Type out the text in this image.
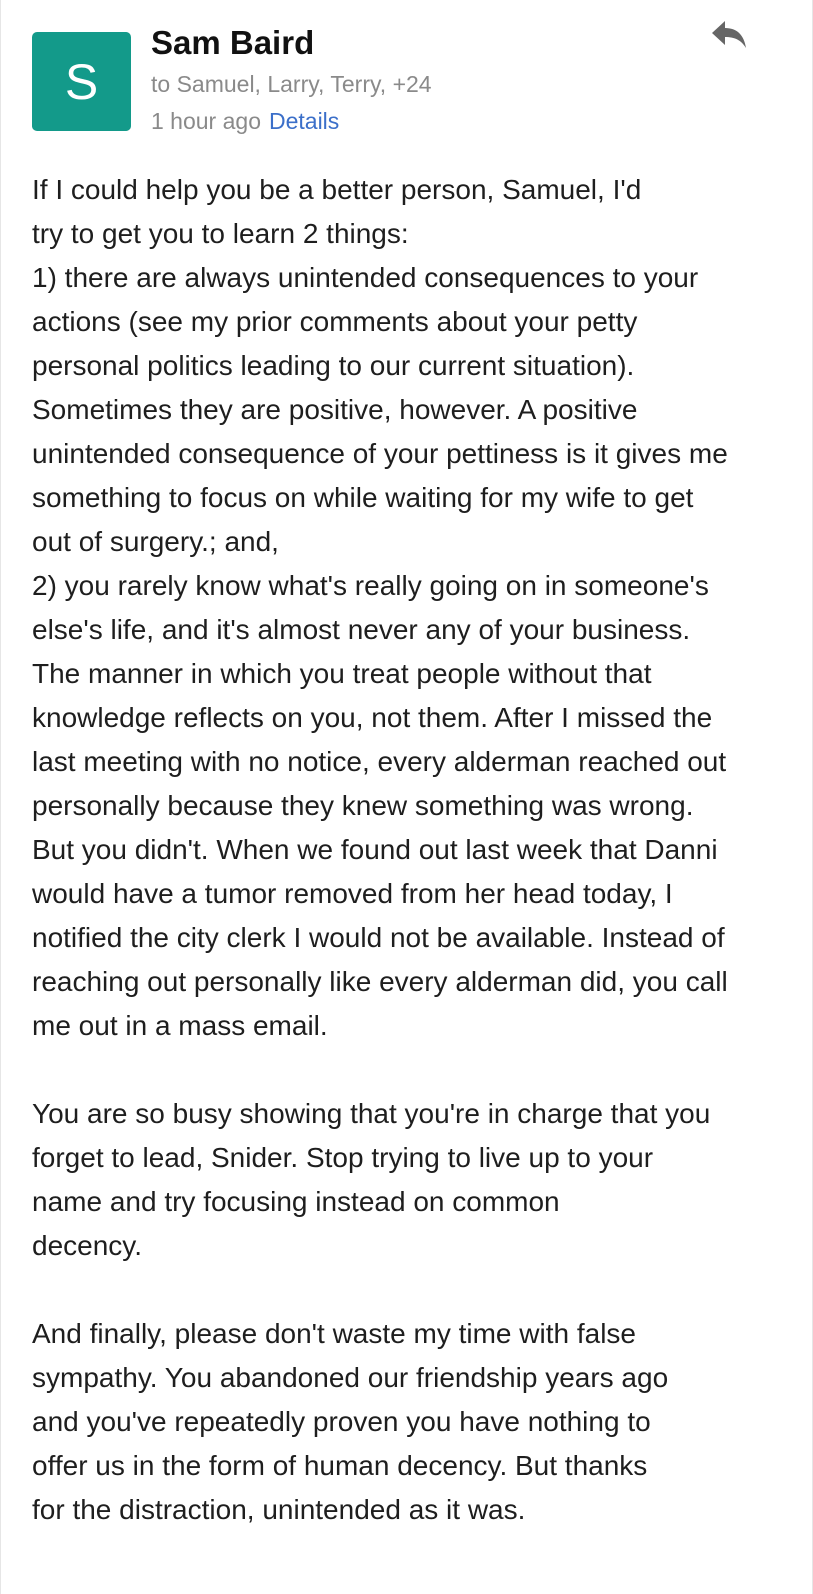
S
Sam Baird
to Samuel, Larry, Terry, +24
1 hour ago Details
If I could help you be a better person, Samuel, I'd
try to get you to learn 2 things:
1) there are always unintended consequences to your
actions (see my prior comments about your petty
personal politics leading to our current situation).
Sometimes they are positive, however. A positive
unintended consequence of your pettiness is it gives me
something to focus on while waiting for my wife to get
out of surgery.; and,
2) you rarely know what's really going on in someone's
else's life, and it's almost never any of your business.
The manner in which you treat people without that
knowledge reflects on you, not them. After I missed the
last meeting with no notice, every alderman reached out
personally because they knew something was wrong.
But you didn't. When we found out last week that Danni
would have a tumor removed from her head today, I
notified the city clerk I would not be available. Instead of
reaching out personally like every alderman did, you call
me out in a mass email.
You are so busy showing that you're in charge that you
forget to lead, Snider. Stop trying to live up to your
name and try focusing instead on common
decency.
And finally, please don't waste my time with false
sympathy. You abandoned our friendship years ago
and you've repeatedly proven you have nothing to
offer us in the form of human decency. But thanks
for the distraction, unintended as it was.
